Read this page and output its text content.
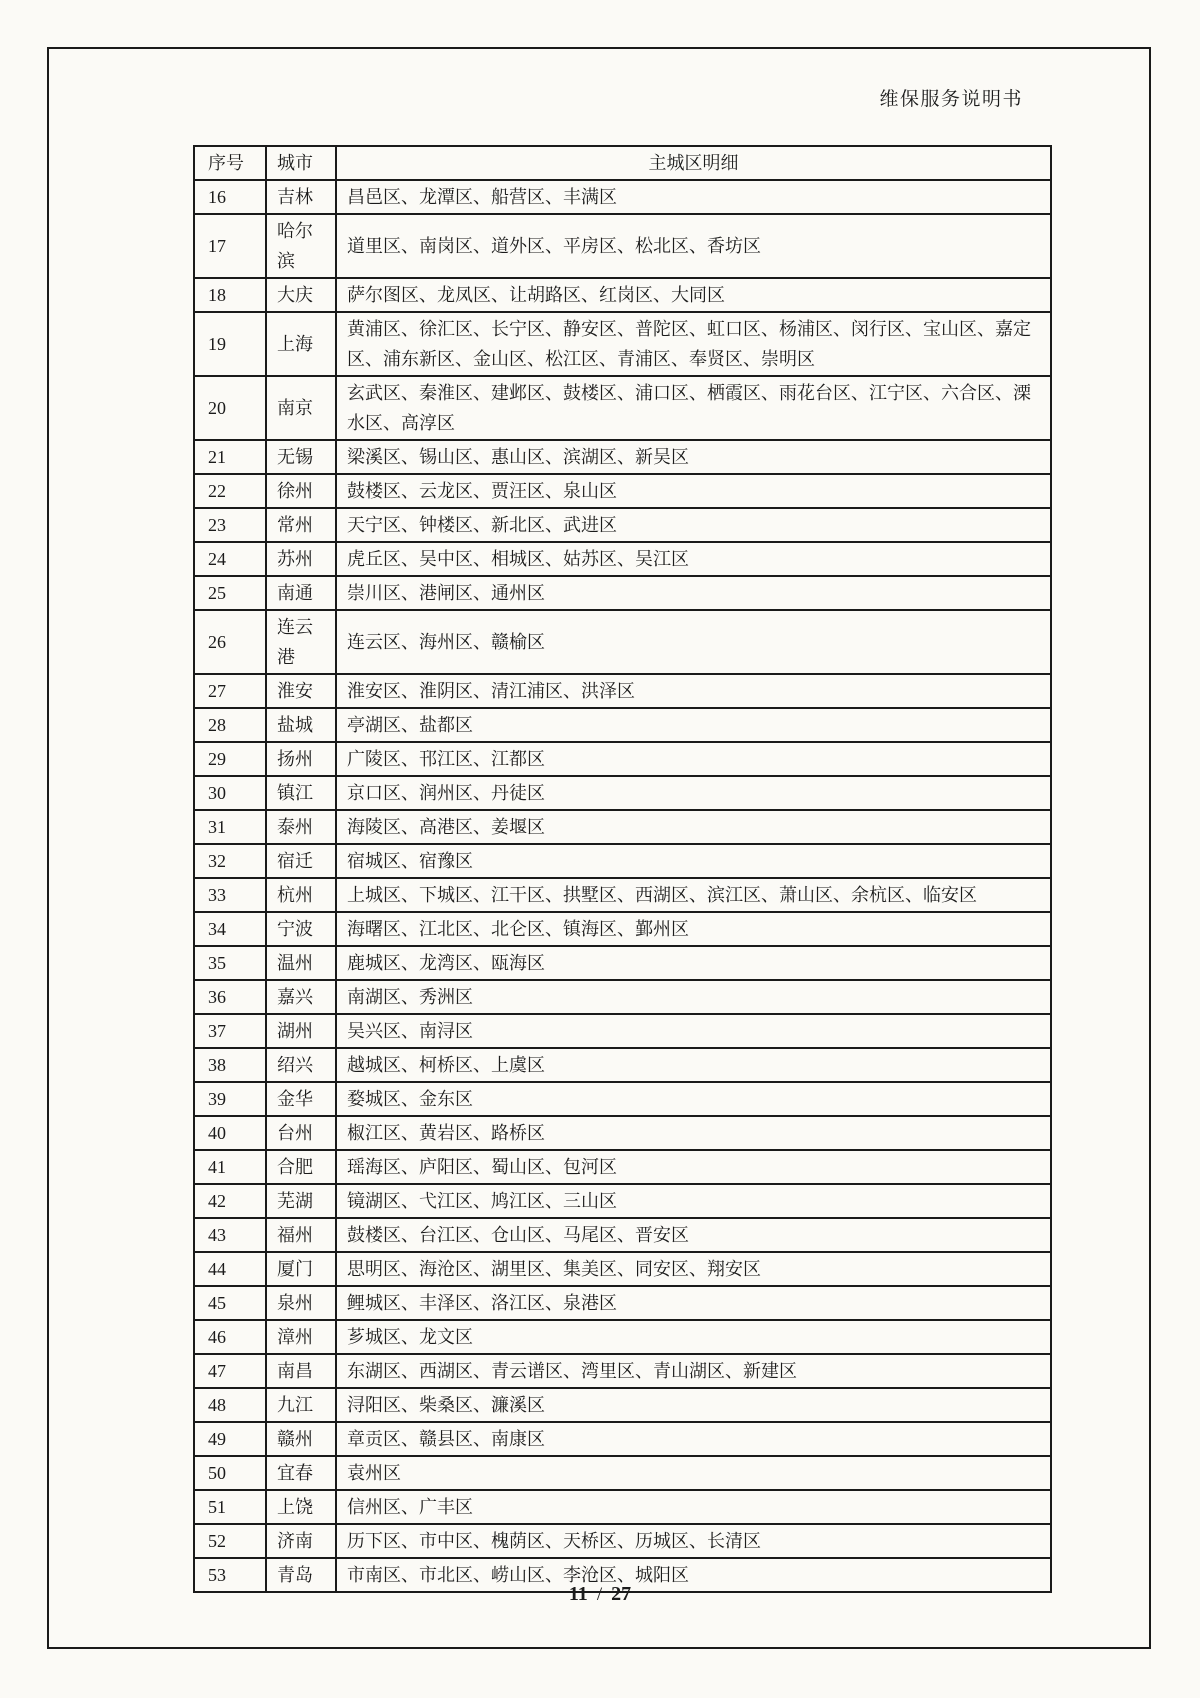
维保服务说明书
序号	城市	主城区明细
16	吉林	昌邑区、龙潭区、船营区、丰满区
17	哈尔滨	道里区、南岗区、道外区、平房区、松北区、香坊区
18	大庆	萨尔图区、龙凤区、让胡路区、红岗区、大同区
19	上海	黄浦区、徐汇区、长宁区、静安区、普陀区、虹口区、杨浦区、闵行区、宝山区、嘉定区、浦东新区、金山区、松江区、青浦区、奉贤区、崇明区
20	南京	玄武区、秦淮区、建邺区、鼓楼区、浦口区、栖霞区、雨花台区、江宁区、六合区、溧水区、高淳区
21	无锡	梁溪区、锡山区、惠山区、滨湖区、新吴区
22	徐州	鼓楼区、云龙区、贾汪区、泉山区
23	常州	天宁区、钟楼区、新北区、武进区
24	苏州	虎丘区、吴中区、相城区、姑苏区、吴江区
25	南通	崇川区、港闸区、通州区
26	连云港	连云区、海州区、赣榆区
27	淮安	淮安区、淮阴区、清江浦区、洪泽区
28	盐城	亭湖区、盐都区
29	扬州	广陵区、邗江区、江都区
30	镇江	京口区、润州区、丹徒区
31	泰州	海陵区、高港区、姜堰区
32	宿迁	宿城区、宿豫区
33	杭州	上城区、下城区、江干区、拱墅区、西湖区、滨江区、萧山区、余杭区、临安区
34	宁波	海曙区、江北区、北仑区、镇海区、鄞州区
35	温州	鹿城区、龙湾区、瓯海区
36	嘉兴	南湖区、秀洲区
37	湖州	吴兴区、南浔区
38	绍兴	越城区、柯桥区、上虞区
39	金华	婺城区、金东区
40	台州	椒江区、黄岩区、路桥区
41	合肥	瑶海区、庐阳区、蜀山区、包河区
42	芜湖	镜湖区、弋江区、鸠江区、三山区
43	福州	鼓楼区、台江区、仓山区、马尾区、晋安区
44	厦门	思明区、海沧区、湖里区、集美区、同安区、翔安区
45	泉州	鲤城区、丰泽区、洛江区、泉港区
46	漳州	芗城区、龙文区
47	南昌	东湖区、西湖区、青云谱区、湾里区、青山湖区、新建区
48	九江	浔阳区、柴桑区、濂溪区
49	赣州	章贡区、赣县区、南康区
50	宜春	袁州区
51	上饶	信州区、广丰区
52	济南	历下区、市中区、槐荫区、天桥区、历城区、长清区
53	青岛	市南区、市北区、崂山区、李沧区、城阳区
11 / 27
